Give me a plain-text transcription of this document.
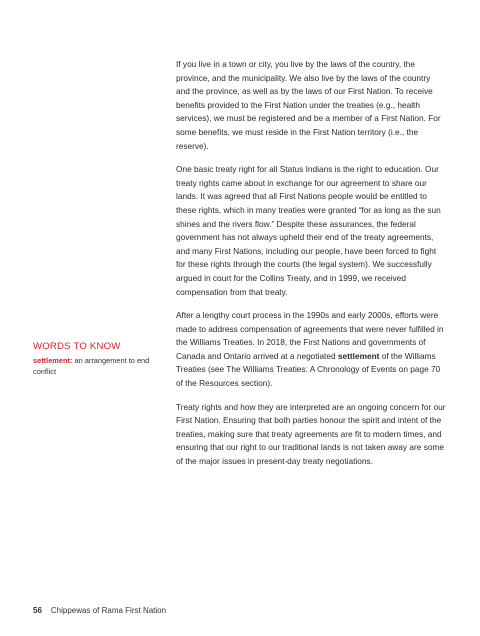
If you live in a town or city, you live by the laws of the country, the province, and the municipality. We also live by the laws of the country and the province, as well as by the laws of our First Nation. To receive benefits provided to the First Nation under the treaties (e.g., health services), we must be registered and be a member of a First Nation. For some benefits, we must reside in the First Nation territory (i.e., the reserve).

One basic treaty right for all Status Indians is the right to education. Our treaty rights came about in exchange for our agreement to share our lands. It was agreed that all First Nations people would be entitled to these rights, which in many treaties were granted “for as long as the sun shines and the rivers flow.” Despite these assurances, the federal government has not always upheld their end of the treaty agreements, and many First Nations, including our people, have been forced to fight for these rights through the courts (the legal system). We successfully argued in court for the Collins Treaty, and in 1999, we received compensation from that treaty.

After a lengthy court process in the 1990s and early 2000s, efforts were made to address compensation of agreements that were never fulfilled in the Williams Treaties. In 2018, the First Nations and governments of Canada and Ontario arrived at a negotiated settlement of the Williams Treaties (see The Williams Treaties: A Chronology of Events on page 70 of the Resources section).

Treaty rights and how they are interpreted are an ongoing concern for our First Nation. Ensuring that both parties honour the spirit and intent of the treaties, making sure that treaty agreements are fit to modern times, and ensuring that our right to our traditional lands is not taken away are some of the major issues in present-day treaty negotiations.

WORDS TO KNOW
settlement: an arrangement to end conflict
56 Chippewas of Rama First Nation
